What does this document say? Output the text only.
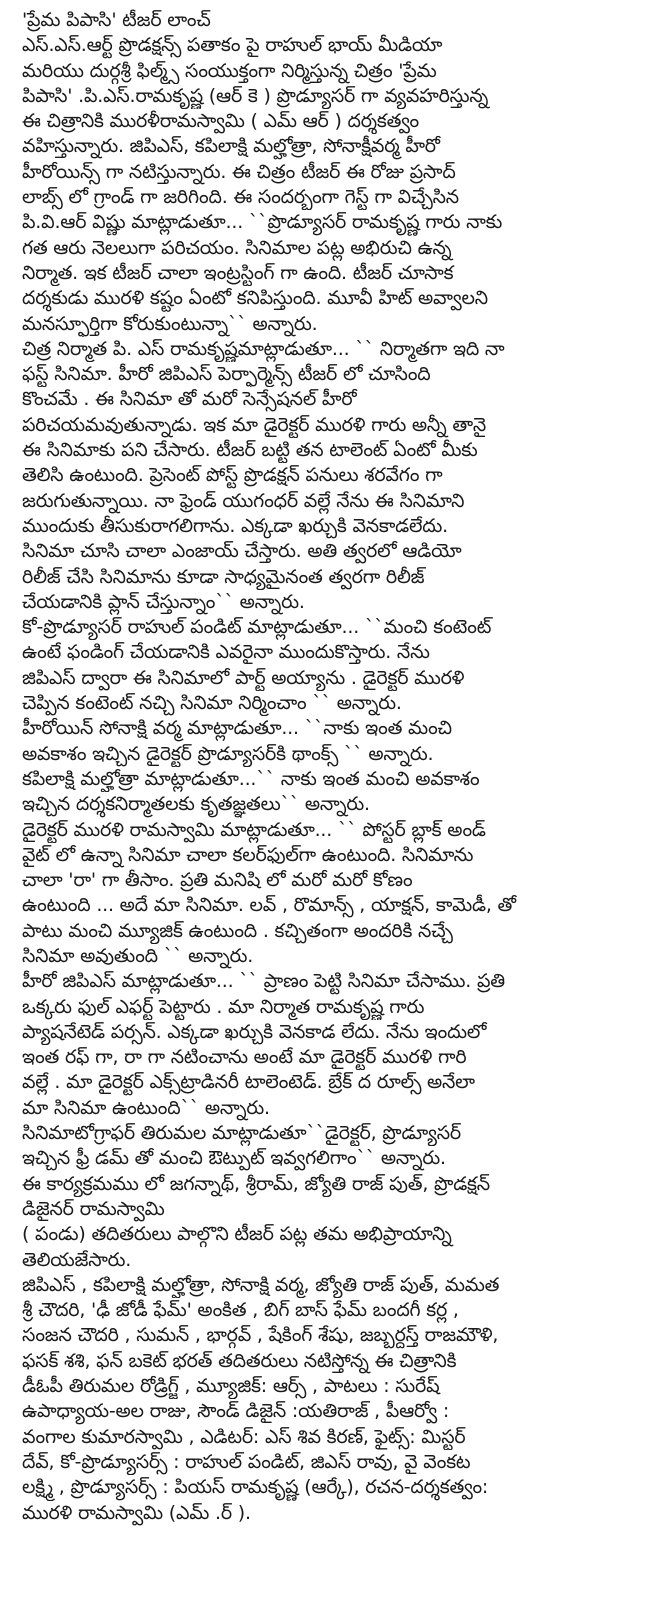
'ప్రేమ పిపాసి' టీజర్ లాంచ్
ఎస్.ఎస్.ఆర్ట్ ప్రొడక్షన్స్ పతాకం పై రాహుల్ భాయ్ మీడియా
మరియు దుర్గశ్రీ ఫిల్మ్స్ సంయుక్తంగా నిర్మిస్తున్న చిత్రం 'ప్రేమ
పిపాసి' .పి.ఎస్.రామకృష్ణ (ఆర్ కె ) ప్రొడ్యూసర్ గా వ్యవహరిస్తున్న
ఈ చిత్రానికి మురళీరామస్వామి ( ఎమ్ ఆర్ ) దర్శకత్వం
వహిస్తున్నారు. జిపిఎస్, కపిలాక్షి మల్హోత్రా, సోనాక్షీవర్మ హీరో
హీరోయిన్స్ గా నటిస్తున్నారు. ఈ చిత్రం టీజర్ ఈ రోజు ప్రసాద్
లాబ్స్ లో గ్రాండ్ గా జరిగింది. ఈ సందర్భంగా గెస్ట్ గా విచ్చేసిన
పి.వి.ఆర్ విష్ణు మాట్లాడుతూ... ``ప్రొడ్యూసర్ రామకృష్ణ గారు నాకు
గత ఆరు నెలలుగా పరిచయం. సినిమాల పట్ల అభిరుచి ఉన్న
నిర్మాత. ఇక టీజర్ చాలా ఇంట్రస్టింగ్ గా ఉంది. టీజర్ చూసాక
దర్శకుడు మురళి కష్టం ఏంటో కనిపిస్తుంది. మూవీ హిట్ అవ్వాలని
మనస్ఫూర్తిగా కోరుకుంటున్నా`` అన్నారు.
చిత్ర నిర్మాత పి. ఎస్ రామకృష్ణమాట్లాడుతూ... `` నిర్మాతగా ఇది నా
ఫస్ట్ సినిమా. హీరో జిపిఎస్ పెర్ఫార్మెన్స్ టీజర్ లో చూసింది
కొంచమే . ఈ సినిమా తో మరో సెన్సేషనల్ హీరో
పరిచయమవుతున్నాడు. ఇక మా డైరెక్టర్ మురళి గారు అన్నీ తానై
ఈ సినిమాకు పని చేసారు. టీజర్ బట్టి తన టాలెంట్ ఏంటో మీకు
తెలిసి ఉంటుంది. ప్రెసెంట్ పోస్ట్ ప్రొడక్షన్ పనులు శరవేగం గా
జరుగుతున్నాయి. నా ఫ్రెండ్ యుగంధర్ వల్లే నేను ఈ సినిమాని
ముందుకు తీసుకురాగలిగాను. ఎక్కడా ఖర్చుకి వెనకాడలేదు.
సినిమా చూసి చాలా ఎంజాయ్ చేస్తారు. అతి త్వరలో ఆడియో
రిలీజ్ చేసి సినిమాను కూడా సాధ్యమైనంత త్వరగా రిలీజ్
చేయడానికి ప్లాన్ చేస్తున్నాం`` అన్నారు.
కో-ప్రొడ్యూసర్ రాహుల్ పండిట్ మాట్లాడుతూ... ``మంచి కంటెంట్
ఉంటే ఫండింగ్ చేయడానికి ఎవరైనా ముందుకొస్తారు. నేను
జిపిఎస్ ద్వారా ఈ సినిమాలో పార్ట్ అయ్యాను . డైరెక్టర్ మురళి
చెప్పిన కంటెంట్ నచ్చి సినిమా నిర్మించాం `` అన్నారు.
హీరోయిన్ సోనాక్షి వర్మ మాట్లాడుతూ... ``నాకు ఇంత మంచి
అవకాశం ఇచ్చిన డైరెక్టర్ ప్రొడ్యూసర్‌కి థాంక్స్ `` అన్నారు.
కపిలాక్షి మల్హోత్రా మాట్లాడుతూ...`` నాకు ఇంత మంచి అవకాశం
ఇచ్చిన దర్శకనిర్మాతలకు కృతజ్ఞతలు`` అన్నారు.
డైరెక్టర్ మురళి రామస్వామి మాట్లాడుతూ... `` పోస్టర్ బ్లాక్ అండ్
వైట్ లో ఉన్నా సినిమా చాలా కలర్‌ఫుల్‌గా ఉంటుంది. సినిమాను
చాలా 'రా' గా తీసాం. ప్రతి మనిషి లో మరో మరో కోణం
ఉంటుంది ... అదే మా సినిమా. లవ్ , రొమాన్స్ , యాక్షన్, కామెడీ, తో
పాటు మంచి మ్యూజిక్ ఉంటుంది . కచ్చితంగా అందరికి నచ్చే
సినిమా అవుతుంది `` అన్నారు.
హీరో జిపిఎస్ మాట్లాడుతూ... `` ప్రాణం పెట్టి సినిమా చేసాము. ప్రతి
ఒక్కరు ఫుల్ ఎఫర్ట్ పెట్టారు . మా నిర్మాత రామకృష్ణ గారు
ప్యాషనేటెడ్ పర్సన్. ఎక్కడా ఖర్చుకి వెనకాడ లేదు. నేను ఇందులో
ఇంత రఫ్ గా, రా గా నటించాను అంటే మా డైరెక్టర్ మురళి గారి
వల్లే . మా డైరెక్టర్ ఎక్స్‌ట్రాడినరీ టాలెంటెడ్. బ్రేక్ ద రూల్స్ అనేలా
మా సినిమా ఉంటుంది`` అన్నారు.
సినిమాటోగ్రాఫర్ తిరుమల మాట్లాడుతూ``డైరెక్టర్, ప్రొడ్యూసర్
ఇచ్చిన ఫ్రీ డమ్ తో మంచి ఔట్పుట్ ఇవ్వగలిగాం`` అన్నారు.
ఈ కార్యక్రమము లో జగన్నాథ్, శ్రీరామ్, జ్యోతి రాజ్ పుత్, ప్రొడక్షన్
డిజైనర్ రామస్వామి
( పండు) తదితరులు పాల్గొని టీజర్ పట్ల తమ అభిప్రాయాన్ని
తెలియజేసారు.
జిపిఎస్ , కపిలాక్షి మల్హోత్రా, సోనాక్షి వర్మ, జ్యోతి రాజ్ పుత్, మమత
శ్రీ చౌదరి, 'ఢీ జోడీ ఫేమ్' అంకిత , బిగ్ బాస్ ఫేమ్ బందగీ కర్ల ,
సంజన చౌదరి , సుమన్ , భార్గవ్ , షేకింగ్ శేషు, జబ్బర్దస్త్ రాజమౌళి,
ఫసక్ శశి, ఫన్ బకెట్ భరత్ తదితరులు నటిస్తోన్న ఈ చిత్రానికి
డీఓపీ తిరుమల రోడ్రిగ్జ్ , మ్యూజిక్: ఆర్స్ , పాటలు : సురేష్
ఉపాధ్యాయ-అల రాజు, సౌండ్ డిజైన్ :యతిరాజ్ , పీఆర్వో :
వంగాల కుమారస్వామి , ఎడిటర్: ఎస్ శివ కిరణ్, ఫైట్స్: మిస్టర్
దేవ్, కో-ప్రొడ్యూసర్స్ : రాహుల్ పండిట్, జిఎస్ రావు, వై వెంకట
లక్ష్మి , ప్రొడ్యూసర్స్ : పియస్ రామకృష్ణ (ఆర్కే), రచన-దర్శకత్వం:
మురళి రామస్వామి (ఎమ్ .ర్ ).
